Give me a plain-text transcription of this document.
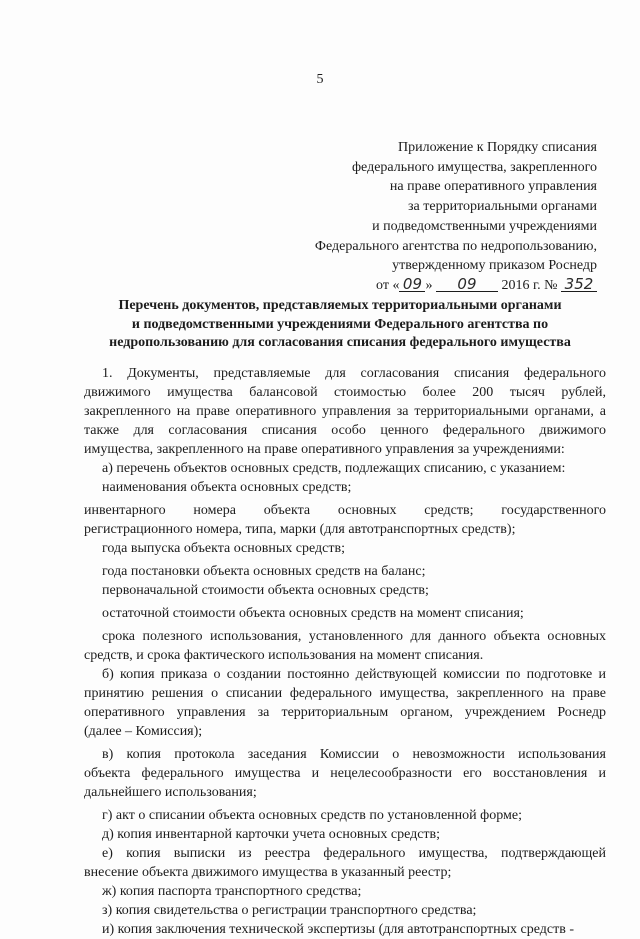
5
Приложение к Порядку списания
федерального имущества, закрепленного
на праве оперативного управления
за территориальными органами
и подведомственными учреждениями
Федерального агентства по недропользованию,
утвержденному приказом Роснедр
от « 09 » 09 2016 г. № 352
Перечень документов, представляемых территориальными органами
и подведомственными учреждениями Федерального агентства по
недропользованию для согласования списания федерального имущества
1. Документы, представляемые для согласования списания федерального
движимого имущества балансовой стоимостью более 200 тысяч рублей,
закрепленного на праве оперативного управления за территориальными органами, а
также для согласования списания особо ценного федерального движимого
имущества, закрепленного на праве оперативного управления за учреждениями:
а) перечень объектов основных средств, подлежащих списанию, с указанием:
наименования объекта основных средств;
инвентарного номера объекта основных средств; государственного
регистрационного номера, типа, марки (для автотранспортных средств);
года выпуска объекта основных средств;
года постановки объекта основных средств на баланс;
первоначальной стоимости объекта основных средств;
остаточной стоимости объекта основных средств на момент списания;
срока полезного использования, установленного для данного объекта основных
средств, и срока фактического использования на момент списания.
б) копия приказа о создании постоянно действующей комиссии по подготовке и
принятию решения о списании федерального имущества, закрепленного на праве
оперативного управления за территориальным органом, учреждением Роснедр
(далее – Комиссия);
в) копия протокола заседания Комиссии о невозможности использования
объекта федерального имущества и нецелесообразности его восстановления и
дальнейшего использования;
г) акт о списании объекта основных средств по установленной форме;
д) копия инвентарной карточки учета основных средств;
е) копия выписки из реестра федерального имущества, подтверждающей
внесение объекта движимого имущества в указанный реестр;
ж) копия паспорта транспортного средства;
з) копия свидетельства о регистрации транспортного средства;
и) копия заключения технической экспертизы (для автотранспортных средств -
